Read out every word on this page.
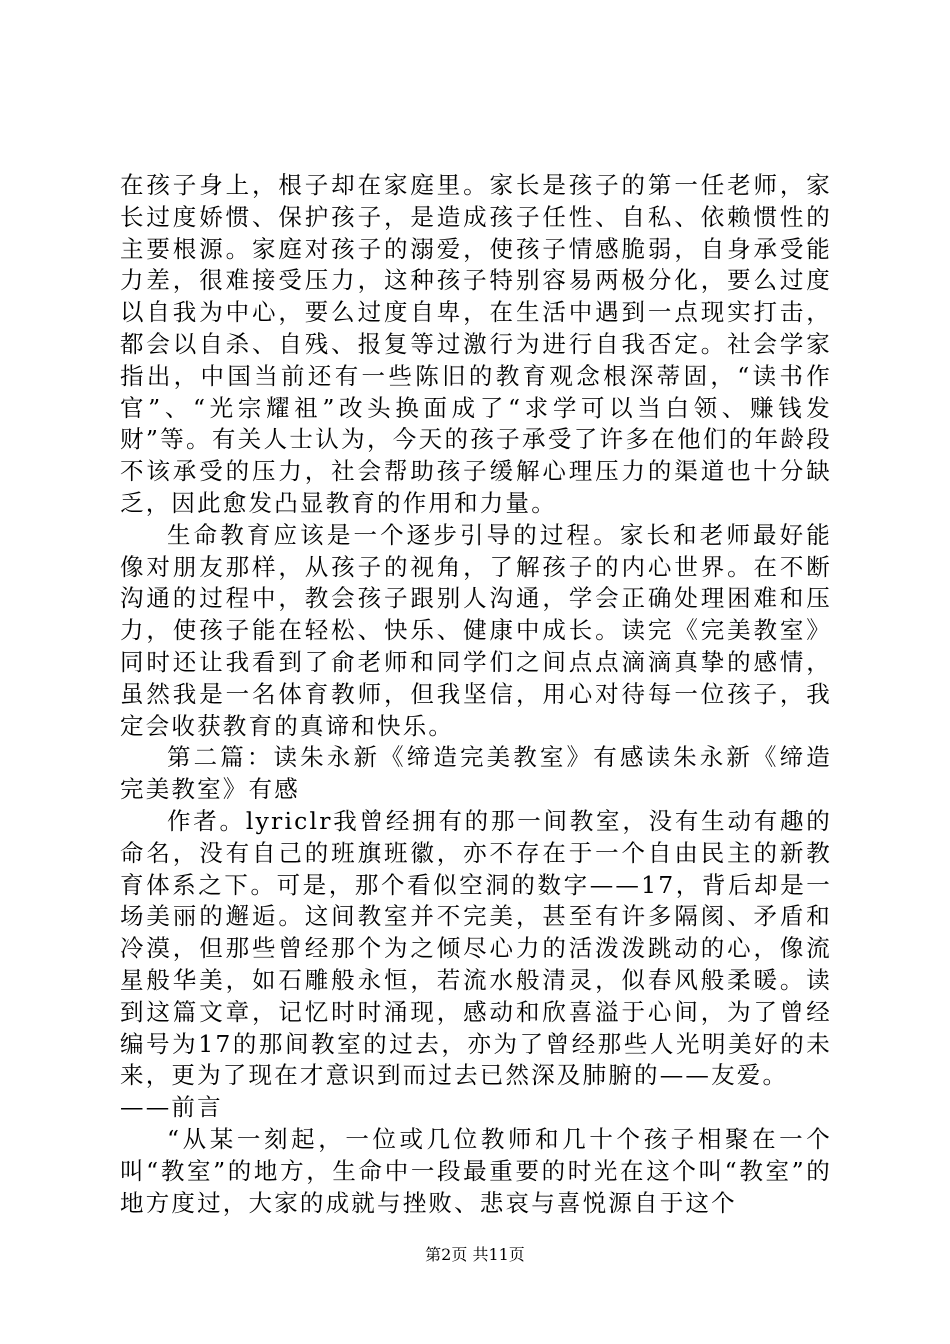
在孩子身上，根子却在家庭里。家长是孩子的第一任老师，家长过度娇惯、保护孩子，是造成孩子任性、自私、依赖惯性的主要根源。家庭对孩子的溺爱，使孩子情感脆弱，自身承受能力差，很难接受压力，这种孩子特别容易两极分化，要么过度以自我为中心，要么过度自卑，在生活中遇到一点现实打击，都会以自杀、自残、报复等过激行为进行自我否定。社会学家指出，中国当前还有一些陈旧的教育观念根深蒂固，“读书作官”、“光宗耀祖”改头换面成了“求学可以当白领、赚钱发财”等。有关人士认为，今天的孩子承受了许多在他们的年龄段不该承受的压力，社会帮助孩子缓解心理压力的渠道也十分缺乏，因此愈发凸显教育的作用和力量。

生命教育应该是一个逐步引导的过程。家长和老师最好能像对朋友那样，从孩子的视角，了解孩子的内心世界。在不断沟通的过程中，教会孩子跟别人沟通，学会正确处理困难和压力，使孩子能在轻松、快乐、健康中成长。读完《完美教室》同时还让我看到了俞老师和同学们之间点点滴滴真挚的感情，虽然我是一名体育教师，但我坚信，用心对待每一位孩子，我定会收获教育的真谛和快乐。

第二篇：读朱永新《缔造完美教室》有感读朱永新《缔造完美教室》有感

作者。lyriclr我曾经拥有的那一间教室，没有生动有趣的命名，没有自己的班旗班徽，亦不存在于一个自由民主的新教育体系之下。可是，那个看似空洞的数字——17，背后却是一场美丽的邂逅。这间教室并不完美，甚至有许多隔阂、矛盾和冷漠，但那些曾经那个为之倾尽心力的活泼泼跳动的心，像流星般华美，如石雕般永恒，若流水般清灵，似春风般柔暖。读到这篇文章，记忆时时涌现，感动和欣喜溢于心间，为了曾经编号为17的那间教室的过去，亦为了曾经那些人光明美好的未来，更为了现在才意识到而过去已然深及肺腑的——友爱。

——前言

“从某一刻起，一位或几位教师和几十个孩子相聚在一个叫“教室”的地方，生命中一段最重要的时光在这个叫“教室”的地方度过，大家的成就与挫败、悲哀与喜悦源自于这个

第2页 共11页
